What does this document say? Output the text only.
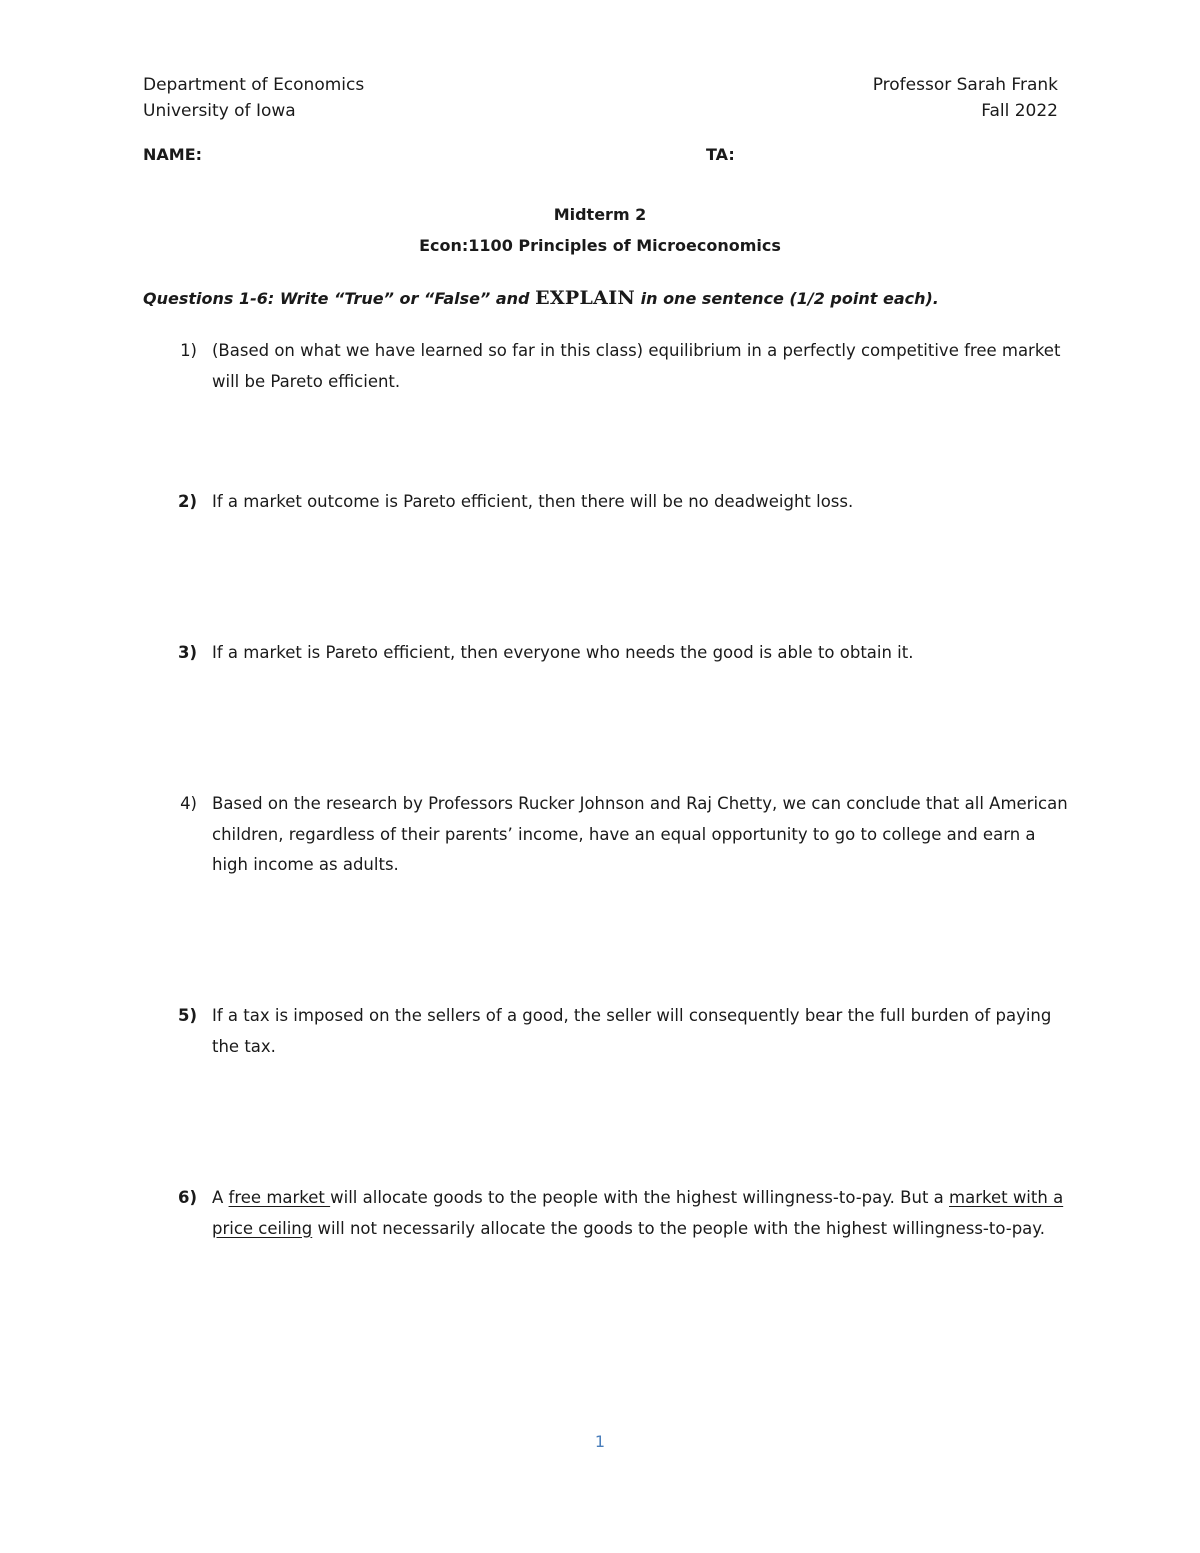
Department of Economics
University of Iowa
Professor Sarah Frank
Fall 2022
NAME:	TA:
Midterm 2
Econ:1100 Principles of Microeconomics
Questions 1-6: Write “True” or “False” and EXPLAIN in one sentence (1/2 point each).
1) (Based on what we have learned so far in this class) equilibrium in a perfectly competitive free market will be Pareto efficient.
2) If a market outcome is Pareto efficient, then there will be no deadweight loss.
3) If a market is Pareto efficient, then everyone who needs the good is able to obtain it.
4) Based on the research by Professors Rucker Johnson and Raj Chetty, we can conclude that all American children, regardless of their parents’ income, have an equal opportunity to go to college and earn a high income as adults.
5) If a tax is imposed on the sellers of a good, the seller will consequently bear the full burden of paying the tax.
6) A free market will allocate goods to the people with the highest willingness-to-pay. But a market with a price ceiling will not necessarily allocate the goods to the people with the highest willingness-to-pay.
1
